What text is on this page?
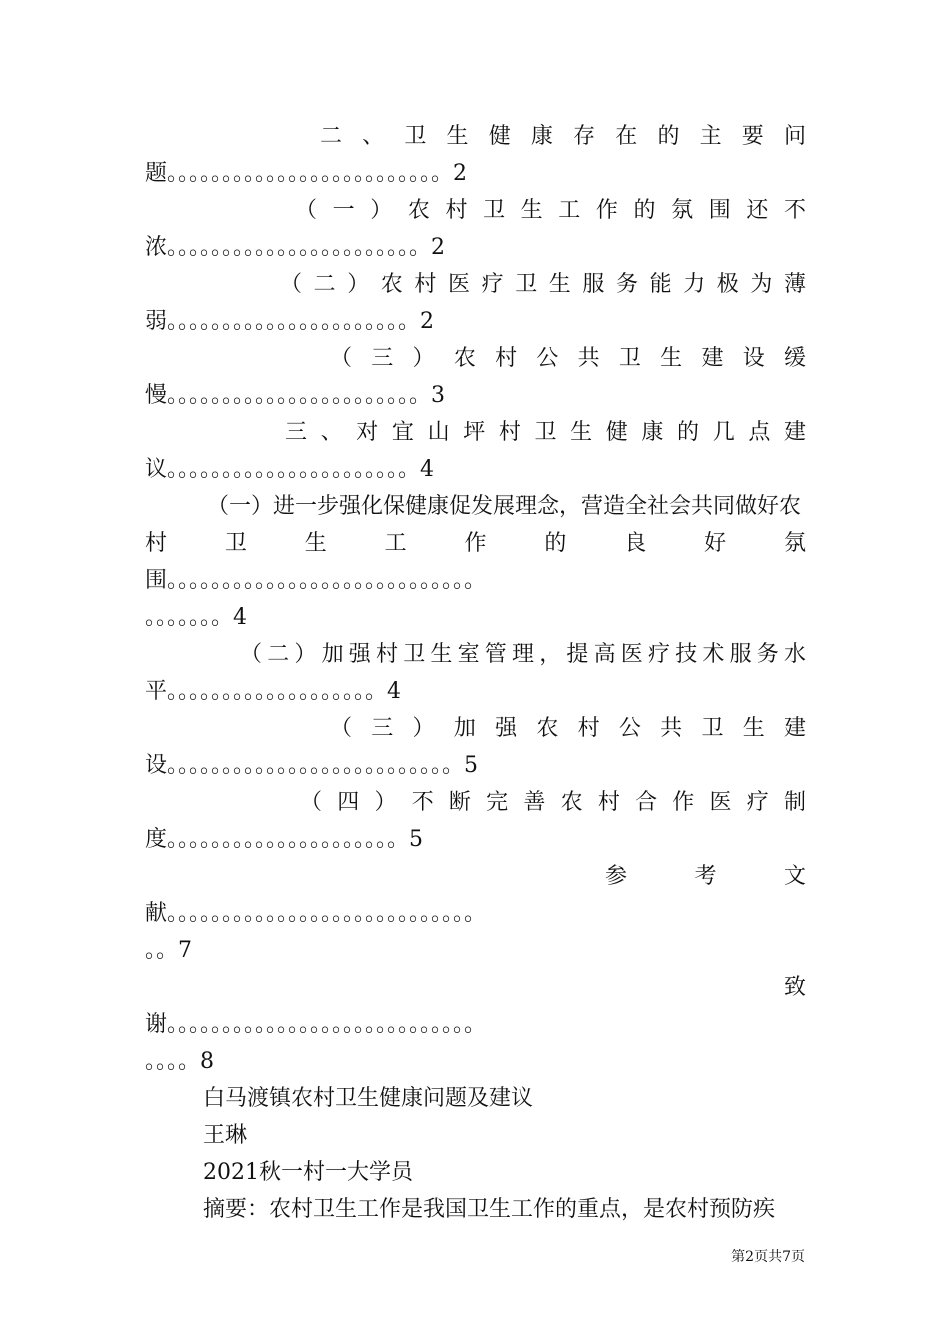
二、卫生健康存在的主要问
题。。。。。。。。。。。。。。。。。。。。。。。。。2
（一）农村卫生工作的氛围还不
浓。。。。。。。。。。。。。。。。。。。。。。。2
（二）农村医疗卫生服务能力极为薄
弱。。。。。。。。。。。。。。。。。。。。。。2
（三）农村公共卫生建设缓
慢。。。。。。。。。。。。。。。。。。。。。。。3
三、对宜山坪村卫生健康的几点建
议。。。。。。。。。。。。。。。。。。。。。。4
（一）进一步强化保健康促发展理念，营造全社会共同做好农
村卫生工作的良好氛
围。。。。。。。。。。。。。。。。。。。。。。。。。。。。
。。。。。。。4
（二）加强村卫生室管理，提高医疗技术服务水
平。。。。。。。。。。。。。。。。。。。4
（三）加强农村公共卫生建
设。。。。。。。。。。。。。。。。。。。。。。。。。。5
（四）不断完善农村合作医疗制
度。。。。。。。。。。。。。。。。。。。。。5
参考文
献。。。。。。。。。。。。。。。。。。。。。。。。。。。。
。。7
致
谢。。。。。。。。。。。。。。。。。。。。。。。。。。。。
。。。。8
白马渡镇农村卫生健康问题及建议
王琳
2021秋一村一大学员
摘要：农村卫生工作是我国卫生工作的重点，是农村预防疾
第2页共7页
